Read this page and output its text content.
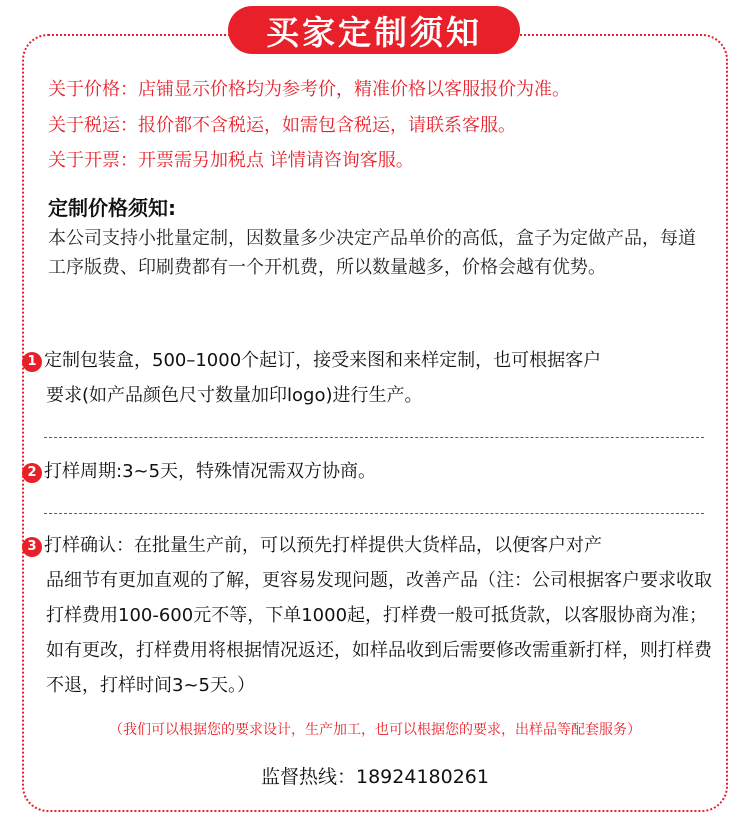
买家定制须知
关于价格：店铺显示价格均为参考价，精准价格以客服报价为准。
关于税运：报价都不含税运，如需包含税运，请联系客服。
关于开票：开票需另加税点 详情请咨询客服。
定制价格须知:
本公司支持小批量定制，因数量多少决定产品单价的高低，盒子为定做产品，每道工序版费、印刷费都有一个开机费，所以数量越多，价格会越有优势。
1 定制包装盒，500–1000个起订，接受来图和来样定制，也可根据客户
要求(如产品颜色尺寸数量加印logo)进行生产。
2 打样周期:3~5天，特殊情况需双方协商。
3 打样确认：在批量生产前，可以预先打样提供大货样品，以便客户对产
品细节有更加直观的了解，更容易发现问题，改善产品（注：公司根据客户要求收取打样费用100-600元不等，下单1000起，打样费一般可抵货款，以客服协商为准；如有更改，打样费用将根据情况返还，如样品收到后需要修改需重新打样，则打样费不退，打样时间3~5天。）
（我们可以根据您的要求设计，生产加工，也可以根据您的要求，出样品等配套服务）
监督热线：18924180261
